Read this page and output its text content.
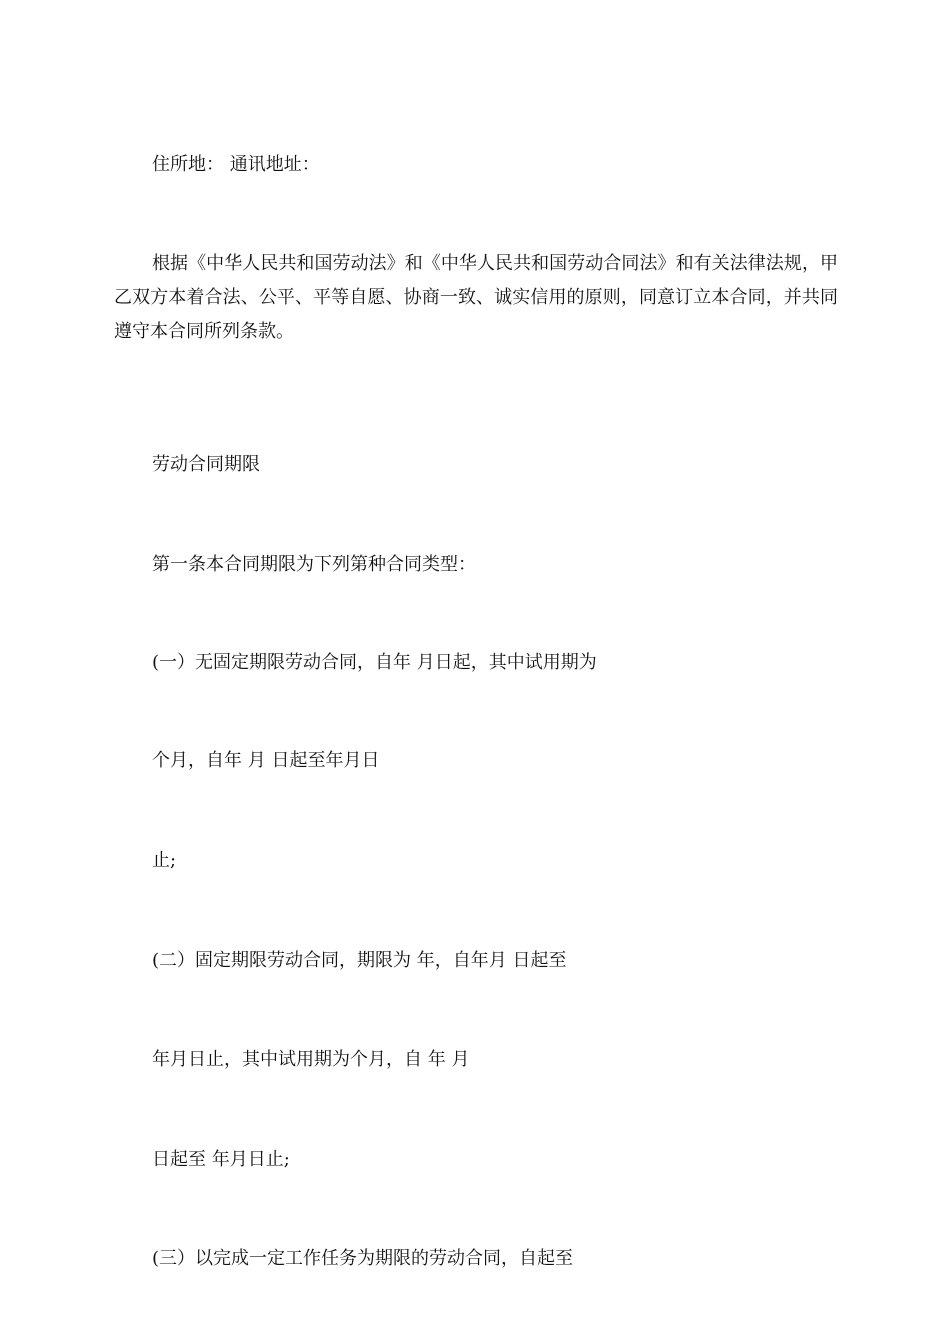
住所地： 通讯地址：

根据《中华人民共和国劳动法》和《中华人民共和国劳动合同法》和有关法律法规，甲乙双方本着合法、公平、平等自愿、协商一致、诚实信用的原则，同意订立本合同，并共同遵守本合同所列条款。

劳动合同期限

第一条本合同期限为下列第种合同类型：

(一）无固定期限劳动合同，自年 月日起，其中试用期为

个月，自年 月 日起至年月日

止;

(二）固定期限劳动合同，期限为 年，自年月 日起至

年月日止，其中试用期为个月，自 年 月

日起至 年月日止;

(三）以完成一定工作任务为期限的劳动合同，自起至
